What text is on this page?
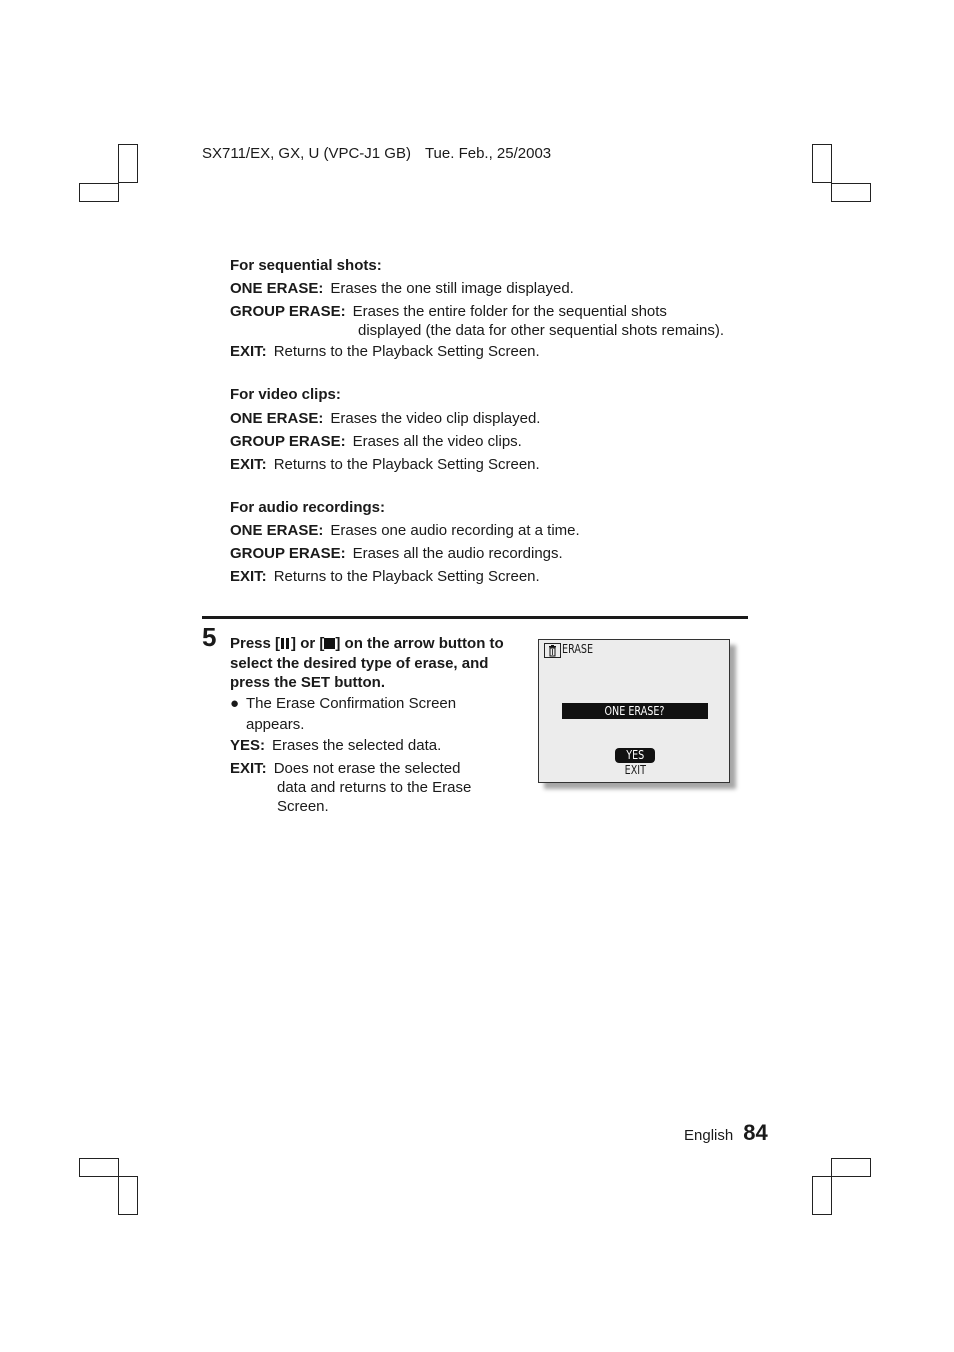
SX711/EX, GX, U (VPC-J1 GB) Tue. Feb., 25/2003
For sequential shots:
ONE ERASE: Erases the one still image displayed.
GROUP ERASE: Erases the entire folder for the sequential shots
displayed (the data for other sequential shots remains).
EXIT: Returns to the Playback Setting Screen.
For video clips:
ONE ERASE: Erases the video clip displayed.
GROUP ERASE: Erases all the video clips.
EXIT: Returns to the Playback Setting Screen.
For audio recordings:
ONE ERASE: Erases one audio recording at a time.
GROUP ERASE: Erases all the audio recordings.
EXIT: Returns to the Playback Setting Screen.
5 Press [ ] or [ ] on the arrow button to select the desired type of erase, and press the SET button.
● The Erase Confirmation Screen
appears.
YES: Erases the selected data.
EXIT: Does not erase the selected
data and returns to the Erase
Screen.
ERASE
ONE ERASE?
YES
EXIT
English 84
